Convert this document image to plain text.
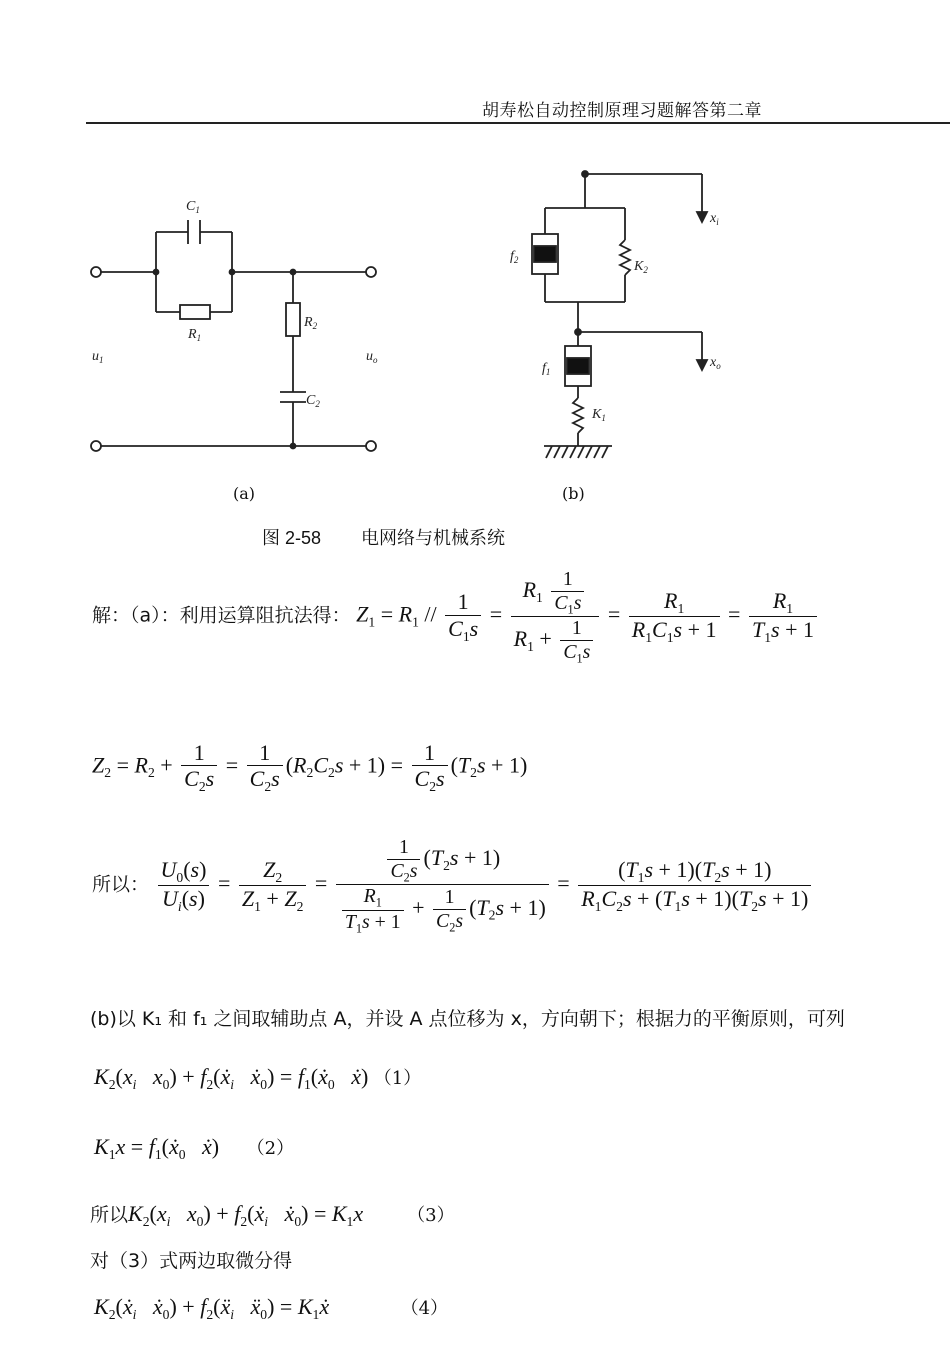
胡寿松自动控制原理习题解答第二章
$C_1$
$R_1$
$R_2$
$C_2$
$u_1$	$u_o$
$f_2$	$K_2$
$x_i$
$x_o$
$f_1$
$K_1$
(a)	(b)
图 2-58 电网络与机械系统
解：（a）：利用运算阻抗法得： $Z_1 = R_1 // \frac{1}{C_1s} = \frac{R_1 \frac{1}{C_1s}}{R_1 + \frac{1}{C_1s}} = \frac{R_1}{R_1C_1s + 1} = \frac{R_1}{T_1s + 1}$
$Z_2 = R_2 + \frac{1}{C_2s} = \frac{1}{C_2s} (R_2C_2s + 1) = \frac{1}{C_2s} (T_2s + 1)$
所以： $\frac{U_0(s)}{U_i(s)} = \frac{Z_2}{Z_1 + Z_2} = \frac{\frac{1}{C_2s} (T_2s + 1)}{\frac{R_1}{T_1s + 1} + \frac{1}{C_2s} (T_2s + 1)} = \frac{(T_1s + 1)(T_2s + 1)}{R_1C_2s + (T_1s + 1)(T_2s + 1)}$
(b)以 K₁ 和 f₁ 之间取辅助点 A，并设 A 点位移为 x，方向朝下；根据力的平衡原则，可列
$K_2(x_i$ $x_0$) + $f_2(ẋ_i$ ẋ$_0$) = $f_1(ẋ_0$ ẋ) （1）
$K_1x$ = $f_1(ẋ_0$ ẋ)     （2）
所以$K_2(x_i$ $x_0$) + $f_2(ẋ_i$ ẋ$_0$) = $K_1x$ （3）
对（3）式两边取微分得
$K_2(ẋ_i$ ẋ$_0$) + $f_2(ẍ_i$ ẍ$_0$) = $K_1ẋ$	（4）
